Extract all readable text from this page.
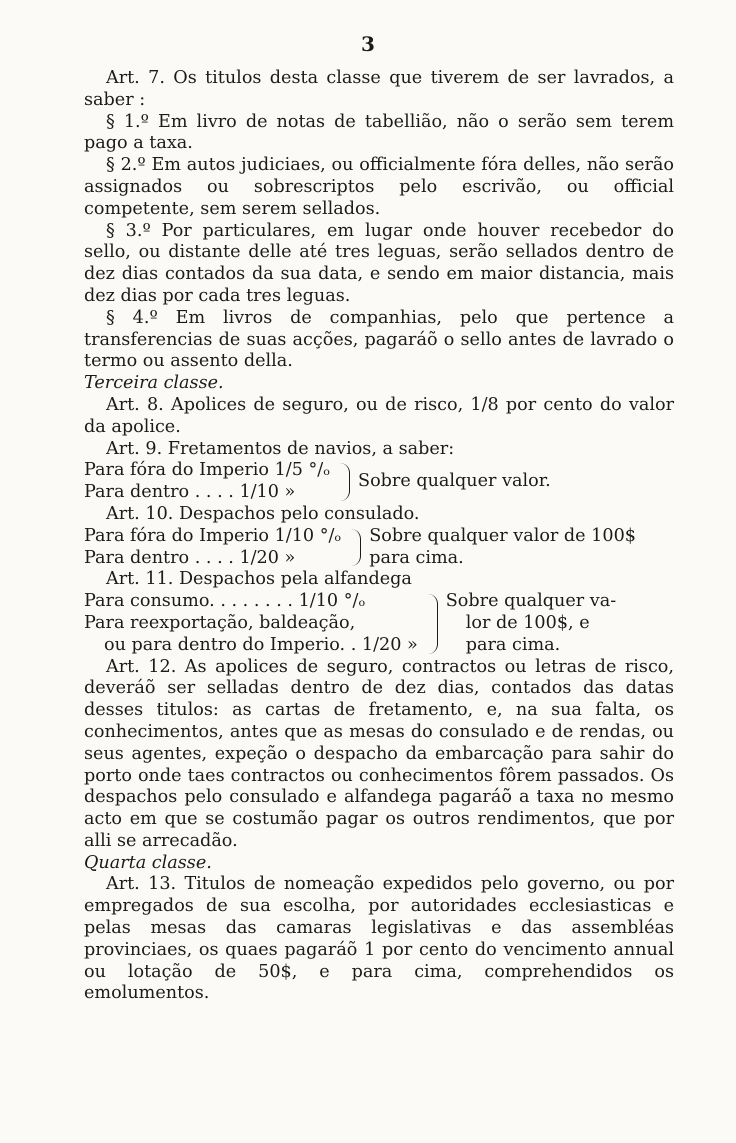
3

Art. 7. Os titulos desta classe que tiverem de ser lavrados, a saber :

§ 1.º Em livro de notas de tabellião, não o serão sem terem pago a taxa.

§ 2.º Em autos judiciaes, ou officialmente fóra delles, não serão assignados ou sobrescriptos pelo escrivão, ou official competente, sem serem sellados.

§ 3.º Por particulares, em lugar onde houver recebedor do sello, ou distante delle até tres leguas, serão sellados dentro de dez dias contados da sua data, e sendo em maior distancia, mais dez dias por cada tres leguas.

§ 4.º Em livros de companhias, pelo que pertence a transferencias de suas acções, pagaráõ o sello antes de lavrado o termo ou assento della.

Terceira classe.

Art. 8. Apolices de seguro, ou de risco, 1/8 por cento do valor da apolice.

Art. 9. Fretamentos de navios, a saber:

Para fóra do Imperio 1/5 °/ₒ
Para dentro . . . . 1/10 »
Sobre qualquer valor.

Art. 10. Despachos pelo consulado.

Para fóra do Imperio 1/10 °/ₒ
Para dentro . . . . 1/20 »
Sobre qualquer valor de 100$
para cima.

Art. 11. Despachos pela alfandega

Para consumo. . . . . . . . 1/10 °/ₒ
Para reexportação, baldeação,
ou para dentro do Imperio. . 1/20 »
Sobre qualquer va-
lor de 100$, e
para cima.

Art. 12. As apolices de seguro, contractos ou letras de risco, deveráõ ser selladas dentro de dez dias, contados das datas desses titulos: as cartas de fretamento, e, na sua falta, os conhecimentos, antes que as mesas do consulado e de rendas, ou seus agentes, expeção o despacho da embarcação para sahir do porto onde taes contractos ou conhecimentos fôrem passados. Os despachos pelo consulado e alfandega pagaráõ a taxa no mesmo acto em que se costumão pagar os outros rendimentos, que por alli se arrecadão.

Quarta classe.

Art. 13. Titulos de nomeação expedidos pelo governo, ou por empregados de sua escolha, por autoridades ecclesiasticas e pelas mesas das camaras legislativas e das assembléas provinciaes, os quaes pagaráõ 1 por cento do vencimento annual ou lotação de 50$, e para cima, comprehendidos os emolumentos.
